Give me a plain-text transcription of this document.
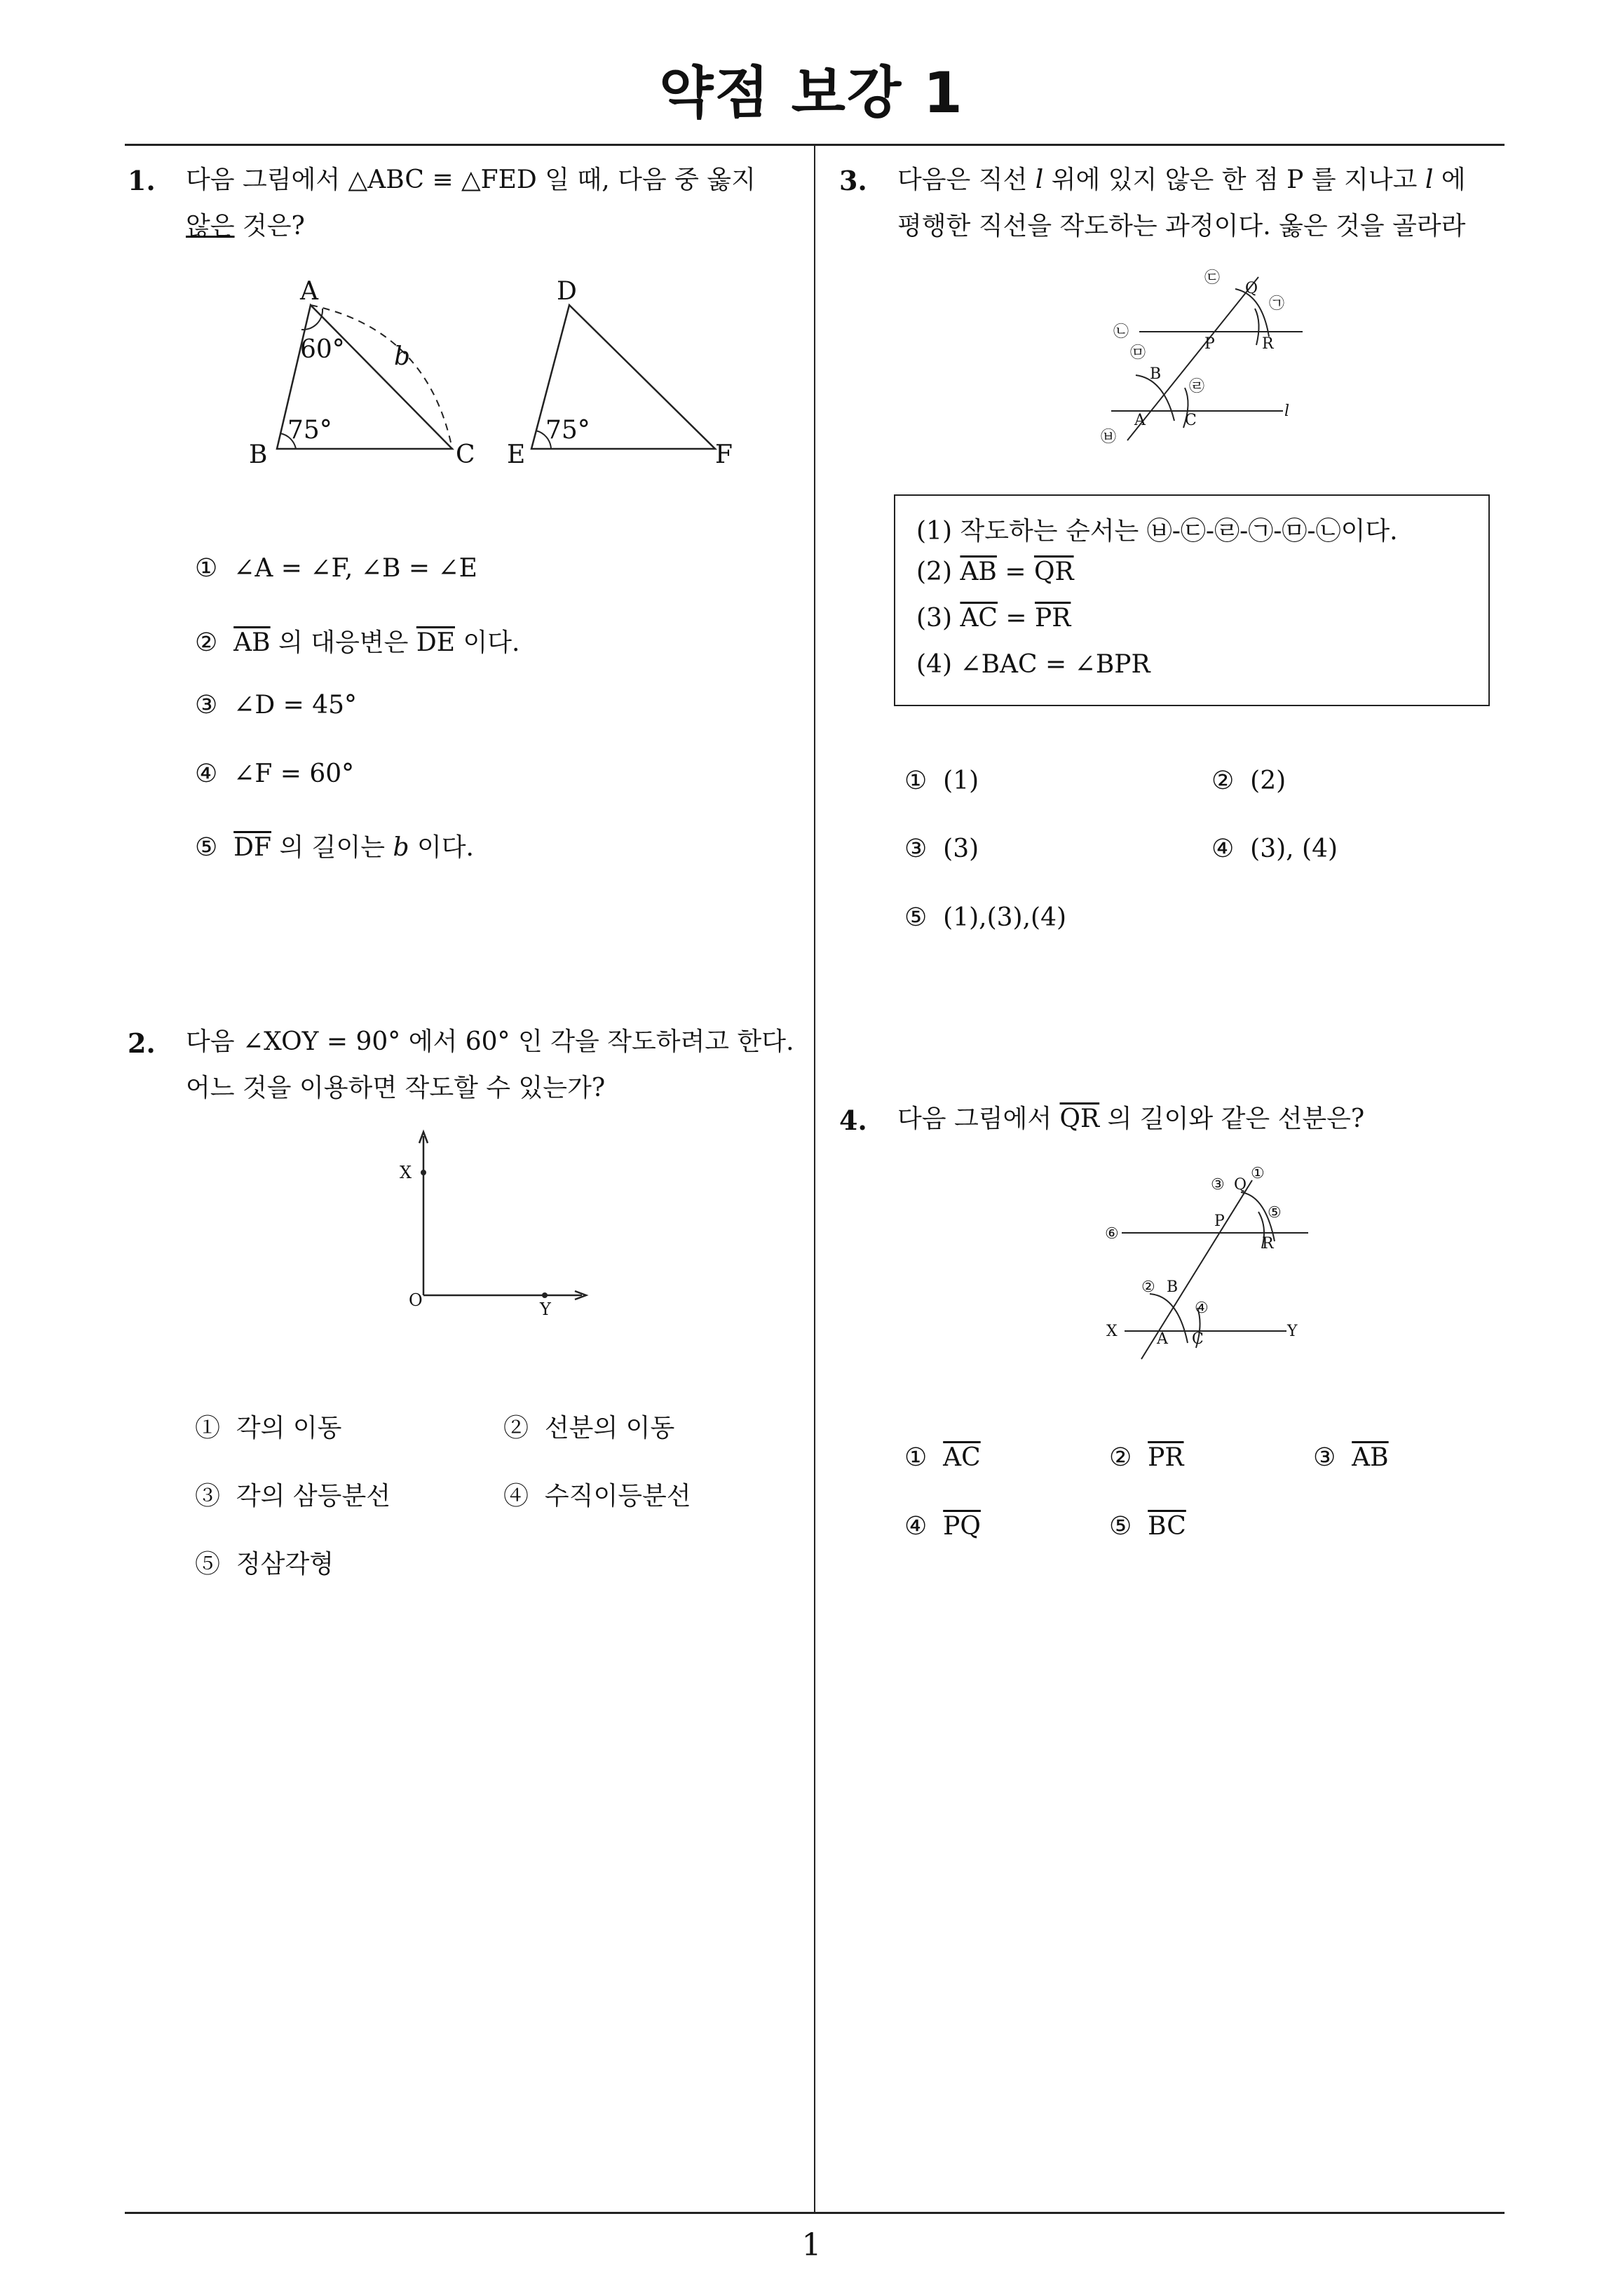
약점 보강 1
1. 다음 그림에서 △ABC ≡ △FED 일 때, 다음 중 옳지
않은 것은?
A
B	C
D
E	F
60° b
75°	75°
① ∠A = ∠F, ∠B = ∠E
② $\overline{AB}$ 의 대응변은 $\overline{DE}$ 이다.
③ ∠D = 45°
④ ∠F = 60°
⑤ $\overline{DF}$ 의 길이는 b 이다.
2. 다음 ∠XOY = 90° 에서 60° 인 각을 작도하려고 한다.
어느 것을 이용하면 작도할 수 있는가?
X
O	Y
① 각의 이동	② 선분의 이동
③ 각의 삼등분선	④ 수직이등분선
⑤ 정삼각형
3. 다음은 직선 l 위에 있지 않은 한 점 P 를 지나고 l 에
평행한 직선을 작도하는 과정이다. 옳은 것을 골라라
㉢
Q
㉠
㉡
P	R
㉤
B
㉣
l
A	C
㉥
(1) 작도하는 순서는 ㉥-㉢-㉣-㉠-㉤-㉡이다.
(2) $\overline{AB} = \overline{QR}$
(3) $\overline{AC} = \overline{PR}$
(4) ∠BAC = ∠BPR
① (1)	② (2)
③ (3)	④ (3), (4)
⑤ (1),(3),(4)
4. 다음 그림에서 $\overline{QR}$ 의 길이와 같은 선분은?
③ Q
①
⑤
⑥
P
R
② B
④
X	A C	Y
① $\overline{AC}$	② $\overline{PR}$	③ $\overline{AB}$
④ $\overline{PQ}$	⑤ $\overline{BC}$
1
